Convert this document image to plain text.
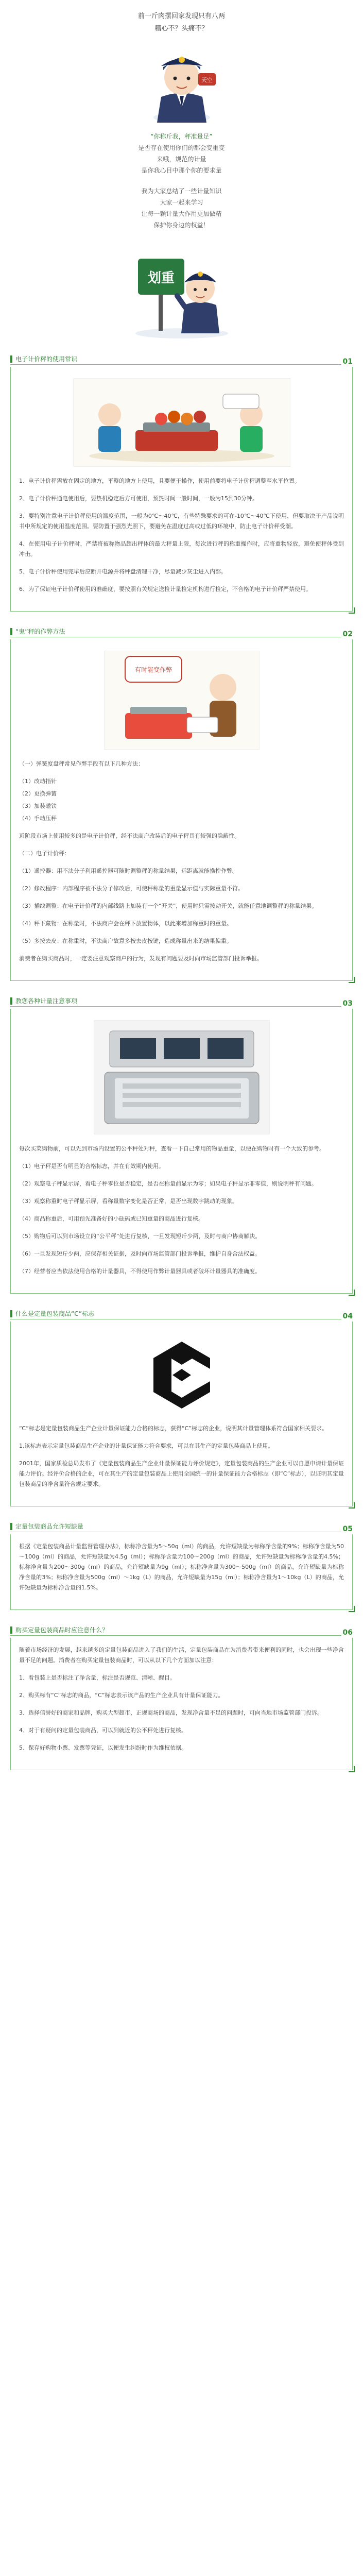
前一斤肉摆回家发现只有八两

糟心不？头痛不？

天空

“你称斤我，秤准量足”

是否存在使用你们的都会变重变

来哦，规范的计量

是你我心目中那个你的要求量

我为大家总结了一些计量知识

大家一起来学习

让每一颗计量大作用更加做精

保护你身边的权益！

划重
电子计价秤的使用常识	01

1、电子计价秤需放在固定的地方，平整的地方上使用，且要便于操作，使用前要将电子计价秤调整至水平位置。

2、电子计价秤通电使用后，要热机稳定后方可使用，预热时间一般时间，一般为15到30分钟。

3、要特别注意电子计价秤使用的温度范围，一般为0℃～40℃，有些特殊要求的可在-10℃～40℃下使用，但要取决于产品说明书中所规定的使用温度范围。要防置于强烈光照下，要避免在温度过高或过低的环境中，防止电子计价秤受潮。

4、在使用电子计价秤时，严禁将被称物品超出秤体的最大秤量上限，每次进行秤的称重操作时，应将重物轻放，避免使秤体受到冲击。

5、电子计价秤使用完毕后应断开电源并将秤盘清理干净，尽量减少灰尘进入内部。

6、为了保证电子计价秤使用的准确度，要按照有关规定送检计量检定机构进行检定，不合格的电子计价秤严禁使用。

“鬼”秤的作弊方法	02
有时能变作弊

（一）弹簧度盘秤常见作弊手段有以下几种方法：

（1）改动指针

（2）更换弹簧

（3）加装磁铁

（4）手动压秤

近阶段市场上使用较多的是电子计价秤，经不法商户改装后的电子秤具有较强的隐蔽性。

（二）电子计价秤：

（1）遥控器：用不法分子利用遥控器可随时调整秤的称量结果，远距离就能操控作弊。

（2）修改程序：内部程序被不法分子修改后，可使秤称量的重量显示值与实际重量不符。

（3）插线调整：在电子计价秤的内部线路上加装有一个“开关”，使用时只需按动开关，就能任意地调整秤的称量结果。

（4）秤下藏物：在称量时，不法商户会在秤下放置物体，以此来增加称重时的重量。

（5）多按去皮：在称重时，不法商户故意多按去皮按键，造成称量出来的结果偏重。

消费者在购买商品时，一定要注意观察商户的行为，发现有问题要及时向市场监管部门投诉举报。

教您各种计量注意事项	03

每次买菜购物前，可以先到市场内设置的公平秤处对秤，查看一下自己常用的物品重量，以便在购物时有一个大致的参考。

（1）电子秤是否有明显的合格标志，并在有效期内使用。

（2）观察电子秤显示屏，看电子秤零位是否稳定，是否在称量前显示为零；如果电子秤显示非零值，则说明秤有问题。

（3）观察称重时电子秤显示屏，看称量数字变化是否正常，是否出现数字跳动的现象。

（4）商品称重后，可用预先准备好的小砝码或已知重量的商品进行复核。

（5）购物后可以到市场设立的“公平秤”处进行复核，一旦发现短斤少两，及时与商户协商解决。

（6）一旦发现短斤少两，应保存相关证据，及时向市场监管部门投诉举报，维护自身合法权益。

（7）经营者应当依法使用合格的计量器具，不得使用作弊计量器具或者破坏计量器具的准确度。

什么是定量包装商品“C”标志	04

“C”标志是定量包装商品生产企业计量保证能力合格的标志，获得“C”标志的企业，说明其计量管理体系符合国家相关要求。

1.该标志表示定量包装商品生产企业的计量保证能力符合要求，可以在其生产的定量包装商品上使用。

2001年，国家质检总局发布了《定量包装商品生产企业计量保证能力评价规定》，定量包装商品的生产企业可以自愿申请计量保证能力评价。经评价合格的企业，可在其生产的定量包装商品上使用全国统一的计量保证能力合格标志（即“C”标志），以证明其定量包装商品的净含量符合规定要求。

定量包装商品允许短缺量	05

根据《定量包装商品计量监督管理办法》，标称净含量为5～50g（ml）的商品，允许短缺量为标称净含量的9%；标称净含量为50～100g（ml）的商品，允许短缺量为4.5g（ml）；标称净含量为100～200g（ml）的商品，允许短缺量为标称净含量的4.5%；标称净含量为200～300g（ml）的商品，允许短缺量为9g（ml）；标称净含量为300～500g（ml）的商品，允许短缺量为标称净含量的3%；标称净含量为500g（ml）～1kg（L）的商品，允许短缺量为15g（ml）；标称净含量为1～10kg（L）的商品，允许短缺量为标称净含量的1.5%。

购买定量包装商品时应注意什么？	06

随着市场经济的发展，越来越多的定量包装商品进入了我们的生活，定量包装商品在为消费者带来便利的同时，也会出现一些净含量不足的问题。消费者在购买定量包装商品时，可以从以下几个方面加以注意：

1、看包装上是否标注了净含量，标注是否规范、清晰、醒目。

2、购买标有“C”标志的商品，“C”标志表示该产品的生产企业具有计量保证能力。

3、选择信誉好的商家和品牌，购买大型超市、正规商场的商品，发现净含量不足的问题时，可向当地市场监管部门投诉。

4、对于有疑问的定量包装商品，可以到就近的公平秤处进行复核。

5、保存好购物小票、发票等凭证，以便发生纠纷时作为维权依据。
